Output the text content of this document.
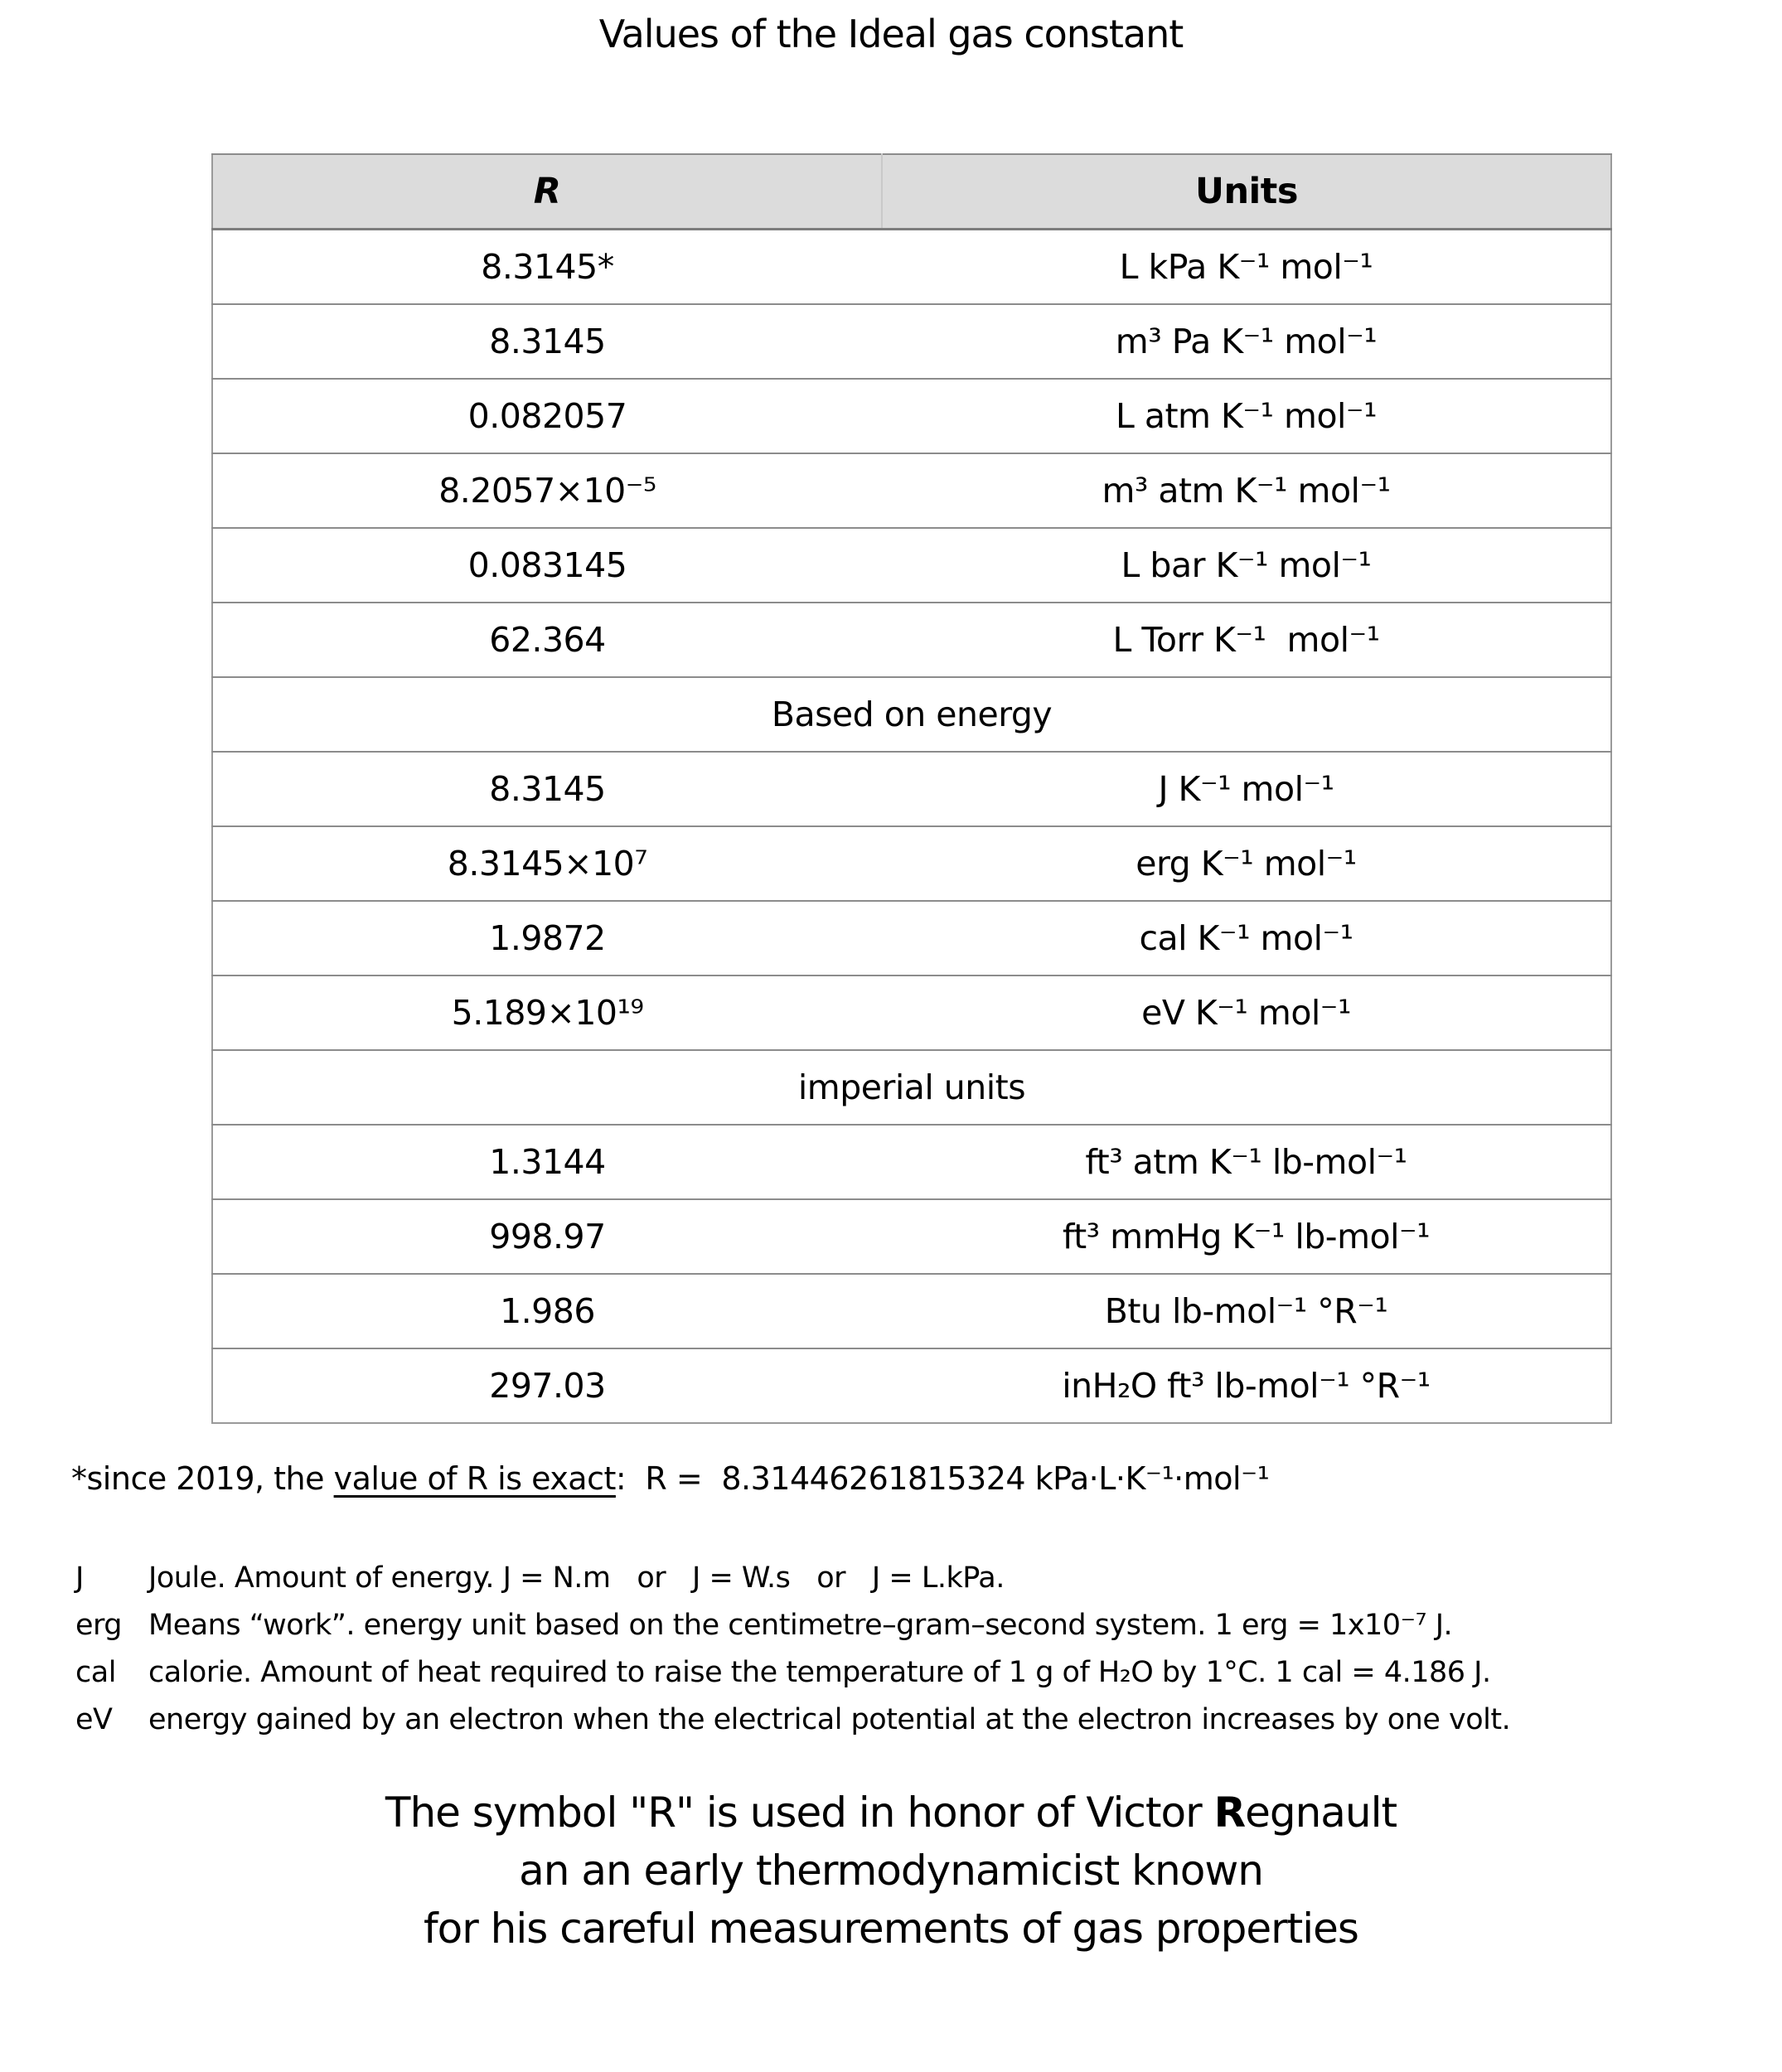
Values of the Ideal gas constant
R	Units
8.3145*	L kPa K⁻¹ mol⁻¹
8.3145	m³ Pa K⁻¹ mol⁻¹
0.082057	L atm K⁻¹ mol⁻¹
8.2057×10⁻⁵	m³ atm K⁻¹ mol⁻¹
0.083145	L bar K⁻¹ mol⁻¹
62.364	L Torr K⁻¹  mol⁻¹
Based on energy	
8.3145	J K⁻¹ mol⁻¹
8.3145×10⁷	erg K⁻¹ mol⁻¹
1.9872	cal K⁻¹ mol⁻¹
5.189×10¹⁹	eV K⁻¹ mol⁻¹
imperial units	
1.3144	ft³ atm K⁻¹ lb-mol⁻¹
998.97	ft³ mmHg K⁻¹ lb-mol⁻¹
1.986	Btu lb-mol⁻¹ °R⁻¹
297.03	inH₂O ft³ lb-mol⁻¹ °R⁻¹
*since 2019, the value of R is exact:  R =  8.31446261815324 kPa·L·K⁻¹·mol⁻¹
J	Joule. Amount of energy. J = N.m   or   J = W.s   or   J = L.kPa.
erg Means “work”. energy unit based on the centimetre–gram–second system. 1 erg = 1x10⁻⁷ J.
cal	calorie. Amount of heat required to raise the temperature of 1 g of H₂O by 1°C. 1 cal = 4.186 J.
eV	energy gained by an electron when the electrical potential at the electron increases by one volt.
The symbol "R" is used in honor of Victor Regnault
an an early thermodynamicist known
for his careful measurements of gas properties
